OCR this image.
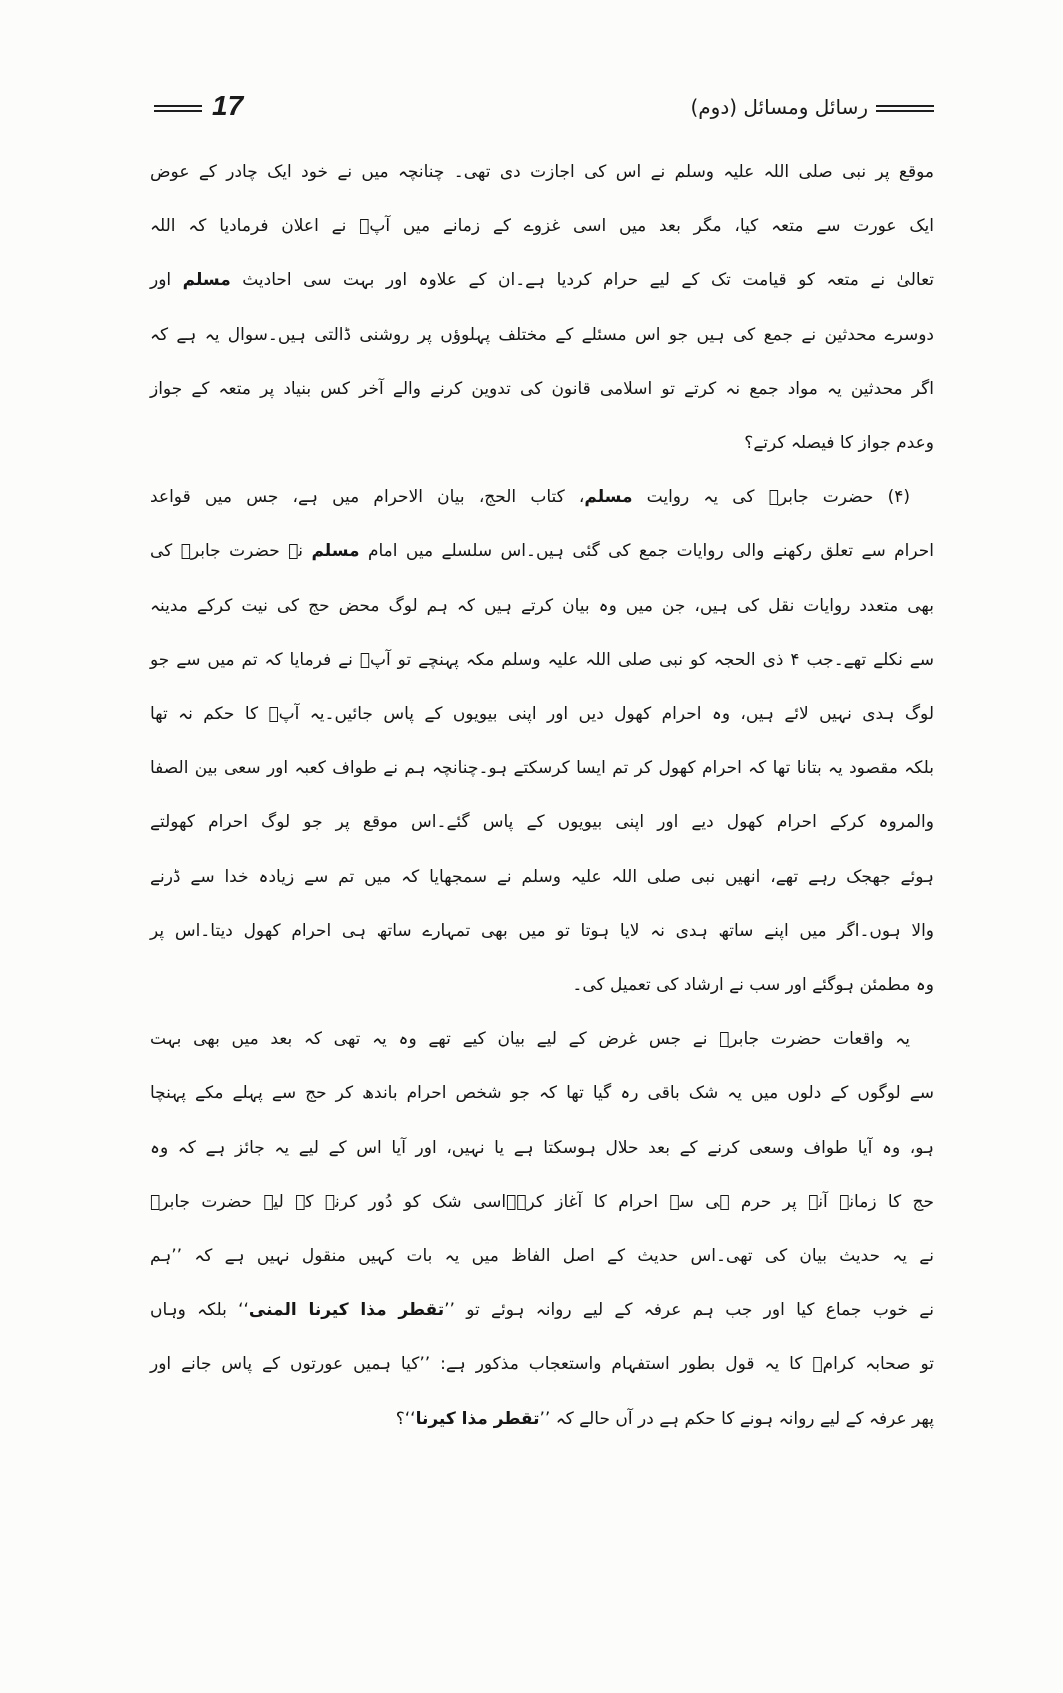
17	رسائل ومسائل (دوم)
موقع پر نبی صلی اللہ علیہ وسلم نے اس کی اجازت دی تھی۔ چنانچہ میں نے خود ایک چادر کے عوض
ایک عورت سے متعہ کیا، مگر بعد میں اسی غزوے کے زمانے میں آپؐ نے اعلان فرمادیا کہ اللہ
تعالیٰ نے متعہ کو قیامت تک کے لیے حرام کردیا ہے۔ان کے علاوہ اور بہت سی احادیث مسلم اور
دوسرے محدثین نے جمع کی ہیں جو اس مسئلے کے مختلف پہلوؤں پر روشنی ڈالتی ہیں۔سوال یہ ہے کہ
اگر محدثین یہ مواد جمع نہ کرتے تو اسلامی قانون کی تدوین کرنے والے آخر کس بنیاد پر متعہ کے جواز
وعدم جواز کا فیصلہ کرتے؟
(۴) حضرت جابرؓ کی یہ روایت مسلم، کتاب الحج، بیان الاحرام میں ہے، جس میں قواعد
احرام سے تعلق رکھنے والی روایات جمع کی گئی ہیں۔اس سلسلے میں امام مسلم نے حضرت جابرؓ کی
بھی متعدد روایات نقل کی ہیں، جن میں وہ بیان کرتے ہیں کہ ہم لوگ محض حج کی نیت کرکے مدینہ
سے نکلے تھے۔جب ۴ ذی الحجہ کو نبی صلی اللہ علیہ وسلم مکہ پہنچے تو آپؐ نے فرمایا کہ تم میں سے جو
لوگ ہدی نہیں لائے ہیں، وہ احرام کھول دیں اور اپنی بیویوں کے پاس جائیں۔یہ آپؐ کا حکم نہ تھا
بلکہ مقصود یہ بتانا تھا کہ احرام کھول کر تم ایسا کرسکتے ہو۔چنانچہ ہم نے طواف کعبہ اور سعی بین الصفا
والمروہ کرکے احرام کھول دیے اور اپنی بیویوں کے پاس گئے۔اس موقع پر جو لوگ احرام کھولتے
ہوئے جھجک رہے تھے، انھیں نبی صلی اللہ علیہ وسلم نے سمجھایا کہ میں تم سے زیادہ خدا سے ڈرنے
والا ہوں۔اگر میں اپنے ساتھ ہدی نہ لایا ہوتا تو میں بھی تمہارے ساتھ ہی احرام کھول دیتا۔اس پر
وہ مطمئن ہوگئے اور سب نے ارشاد کی تعمیل کی۔
یہ واقعات حضرت جابرؓ نے جس غرض کے لیے بیان کیے تھے وہ یہ تھی کہ بعد میں بھی بہت
سے لوگوں کے دلوں میں یہ شک باقی رہ گیا تھا کہ جو شخص احرام باندھ کر حج سے پہلے مکے پہنچا
ہو، وہ آیا طواف وسعی کرنے کے بعد حلال ہوسکتا ہے یا نہیں، اور آیا اس کے لیے یہ جائز ہے کہ وہ
حج کا زمانہ آنے پر حرم ہی سے احرام کا آغاز کرے۔اسی شک کو دُور کرنے کے لیے حضرت جابرؓ
نے یہ حدیث بیان کی تھی۔اس حدیث کے اصل الفاظ میں یہ بات کہیں منقول نہیں ہے کہ ’’ہم
نے خوب جماع کیا اور جب ہم عرفہ کے لیے روانہ ہوئے تو ’’تقطر مذا کیرنا المنی‘‘ بلکہ وہاں
تو صحابہ کرامؓ کا یہ قول بطور استفہام واستعجاب مذکور ہے: ’’کیا ہمیں عورتوں کے پاس جانے اور
پھر عرفہ کے لیے روانہ ہونے کا حکم ہے در آں حالے کہ ’’تقطر مذا کیرنا‘‘؟
